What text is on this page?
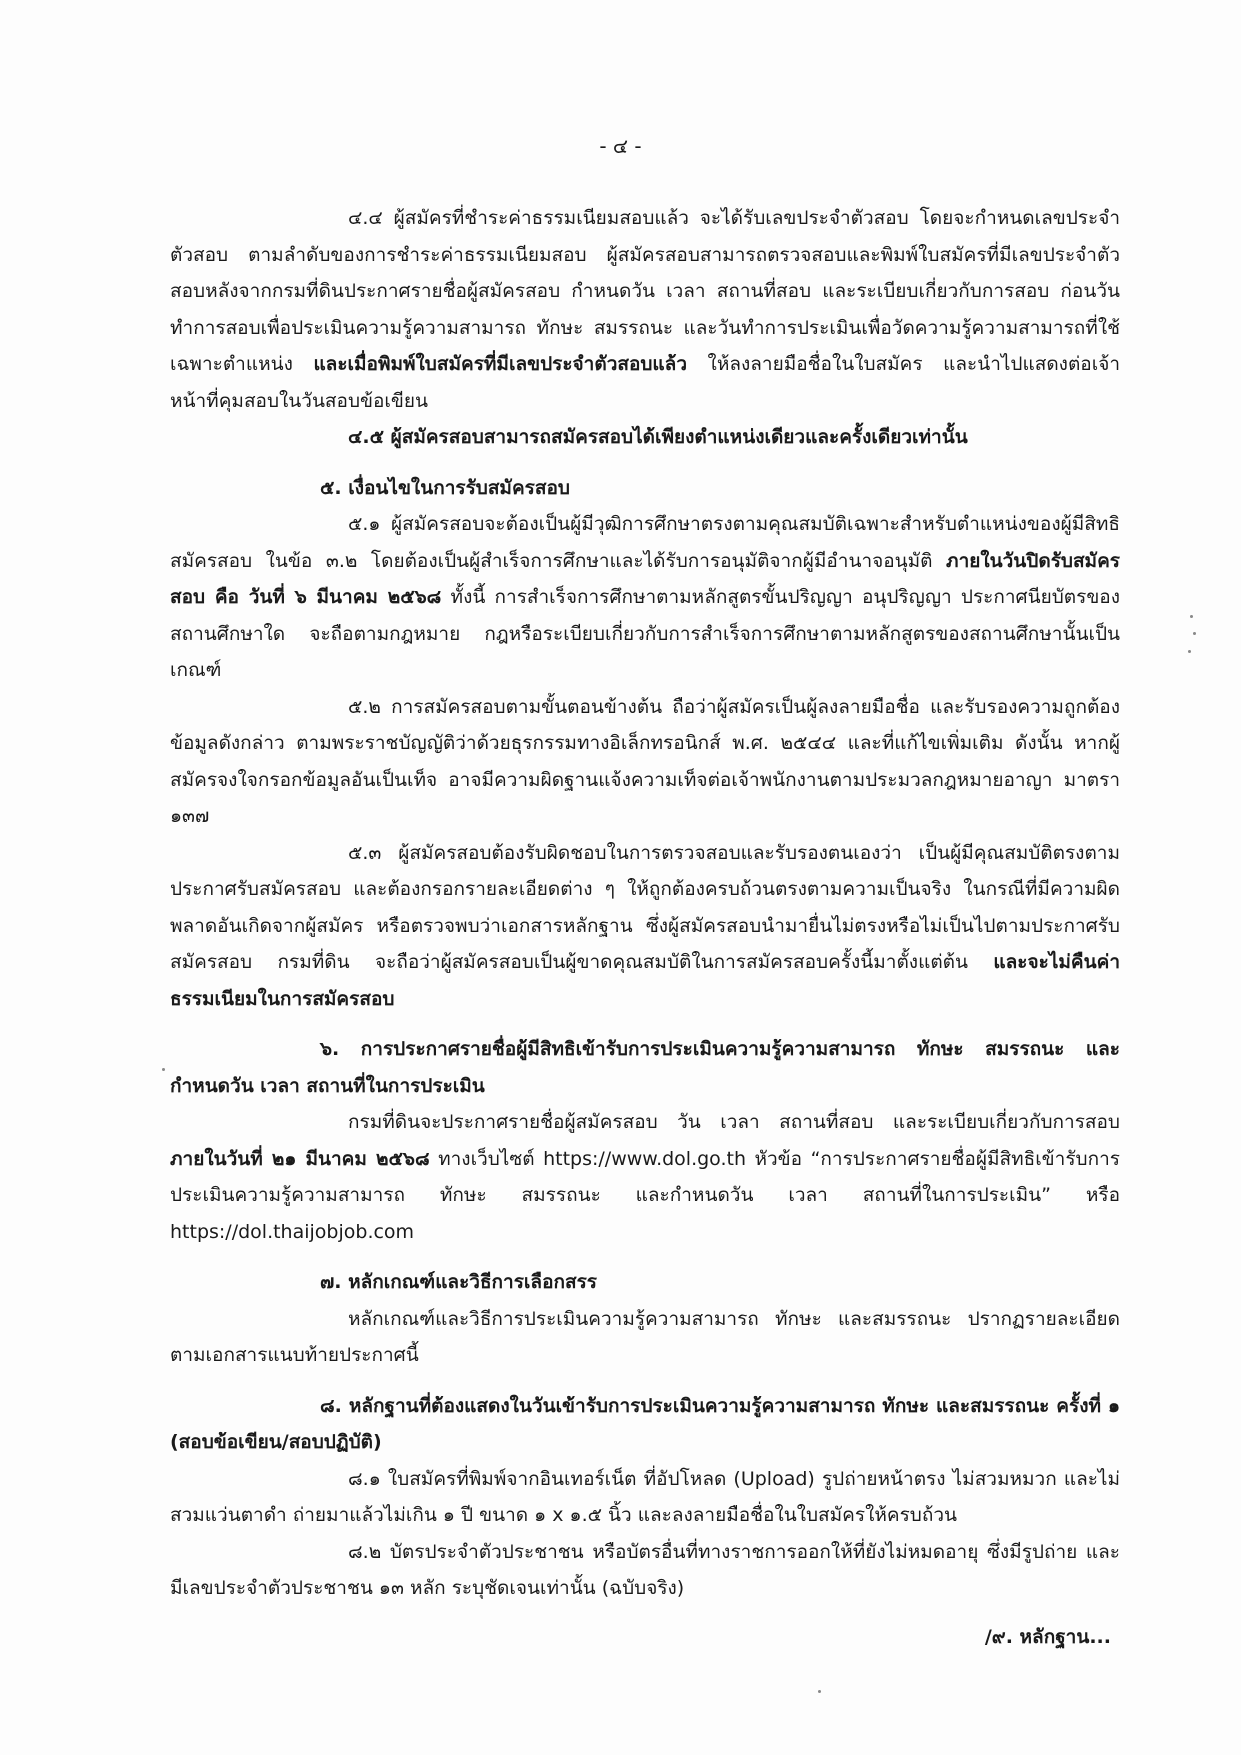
- ๔ -

๔.๔ ผู้สมัครที่ชำระค่าธรรมเนียมสอบแล้ว จะได้รับเลขประจำตัวสอบ โดยจะกำหนดเลขประจำตัวสอบ ตามลำดับของการชำระค่าธรรมเนียมสอบ ผู้สมัครสอบสามารถตรวจสอบและพิมพ์ใบสมัครที่มีเลขประจำตัวสอบหลังจากกรมที่ดินประกาศรายชื่อผู้สมัครสอบ กำหนดวัน เวลา สถานที่สอบ และระเบียบเกี่ยวกับการสอบ ก่อนวันทำการสอบเพื่อประเมินความรู้ความสามารถ ทักษะ สมรรถนะ และวันทำการประเมินเพื่อวัดความรู้ความสามารถที่ใช้เฉพาะตำแหน่ง และเมื่อพิมพ์ใบสมัครที่มีเลขประจำตัวสอบแล้ว ให้ลงลายมือชื่อในใบสมัคร และนำไปแสดงต่อเจ้าหน้าที่คุมสอบในวันสอบข้อเขียน

๔.๕ ผู้สมัครสอบสามารถสมัครสอบได้เพียงตำแหน่งเดียวและครั้งเดียวเท่านั้น

๕. เงื่อนไขในการรับสมัครสอบ

๕.๑ ผู้สมัครสอบจะต้องเป็นผู้มีวุฒิการศึกษาตรงตามคุณสมบัติเฉพาะสำหรับตำแหน่งของผู้มีสิทธิสมัครสอบ ในข้อ ๓.๒ โดยต้องเป็นผู้สำเร็จการศึกษาและได้รับการอนุมัติจากผู้มีอำนาจอนุมัติ ภายในวันปิดรับสมัครสอบ คือ วันที่ ๖ มีนาคม ๒๕๖๘ ทั้งนี้ การสำเร็จการศึกษาตามหลักสูตรขั้นปริญญา อนุปริญญา ประกาศนียบัตรของสถานศึกษาใด จะถือตามกฎหมาย กฎหรือระเบียบเกี่ยวกับการสำเร็จการศึกษาตามหลักสูตรของสถานศึกษานั้นเป็นเกณฑ์

๕.๒ การสมัครสอบตามขั้นตอนข้างต้น ถือว่าผู้สมัครเป็นผู้ลงลายมือชื่อ และรับรองความถูกต้องข้อมูลดังกล่าว ตามพระราชบัญญัติว่าด้วยธุรกรรมทางอิเล็กทรอนิกส์ พ.ศ. ๒๕๔๔ และที่แก้ไขเพิ่มเติม ดังนั้น หากผู้สมัครจงใจกรอกข้อมูลอันเป็นเท็จ อาจมีความผิดฐานแจ้งความเท็จต่อเจ้าพนักงานตามประมวลกฎหมายอาญา มาตรา ๑๓๗

๕.๓ ผู้สมัครสอบต้องรับผิดชอบในการตรวจสอบและรับรองตนเองว่า เป็นผู้มีคุณสมบัติตรงตามประกาศรับสมัครสอบ และต้องกรอกรายละเอียดต่าง ๆ ให้ถูกต้องครบถ้วนตรงตามความเป็นจริง ในกรณีที่มีความผิดพลาดอันเกิดจากผู้สมัคร หรือตรวจพบว่าเอกสารหลักฐาน ซึ่งผู้สมัครสอบนำมายื่นไม่ตรงหรือไม่เป็นไปตามประกาศรับสมัครสอบ กรมที่ดิน จะถือว่าผู้สมัครสอบเป็นผู้ขาดคุณสมบัติในการสมัครสอบครั้งนี้มาตั้งแต่ต้น และจะไม่คืนค่าธรรมเนียมในการสมัครสอบ

๖. การประกาศรายชื่อผู้มีสิทธิเข้ารับการประเมินความรู้ความสามารถ ทักษะ สมรรถนะ และกำหนดวัน เวลา สถานที่ในการประเมิน

กรมที่ดินจะประกาศรายชื่อผู้สมัครสอบ วัน เวลา สถานที่สอบ และระเบียบเกี่ยวกับการสอบภายในวันที่ ๒๑ มีนาคม ๒๕๖๘ ทางเว็บไซต์ https://www.dol.go.th หัวข้อ “การประกาศรายชื่อผู้มีสิทธิเข้ารับการประเมินความรู้ความสามารถ ทักษะ สมรรถนะ และกำหนดวัน เวลา สถานที่ในการประเมิน” หรือ https://dol.thaijobjob.com

๗. หลักเกณฑ์และวิธีการเลือกสรร

หลักเกณฑ์และวิธีการประเมินความรู้ความสามารถ ทักษะ และสมรรถนะ ปรากฏรายละเอียดตามเอกสารแนบท้ายประกาศนี้

๘. หลักฐานที่ต้องแสดงในวันเข้ารับการประเมินความรู้ความสามารถ ทักษะ และสมรรถนะ ครั้งที่ ๑ (สอบข้อเขียน/สอบปฏิบัติ)

๘.๑ ใบสมัครที่พิมพ์จากอินเทอร์เน็ต ที่อัปโหลด (Upload) รูปถ่ายหน้าตรง ไม่สวมหมวก และไม่สวมแว่นตาดำ ถ่ายมาแล้วไม่เกิน ๑ ปี ขนาด ๑ x ๑.๕ นิ้ว และลงลายมือชื่อในใบสมัครให้ครบถ้วน

๘.๒ บัตรประจำตัวประชาชน หรือบัตรอื่นที่ทางราชการออกให้ที่ยังไม่หมดอายุ ซึ่งมีรูปถ่าย และมีเลขประจำตัวประชาชน ๑๓ หลัก ระบุชัดเจนเท่านั้น (ฉบับจริง)

/๙. หลักฐาน...
